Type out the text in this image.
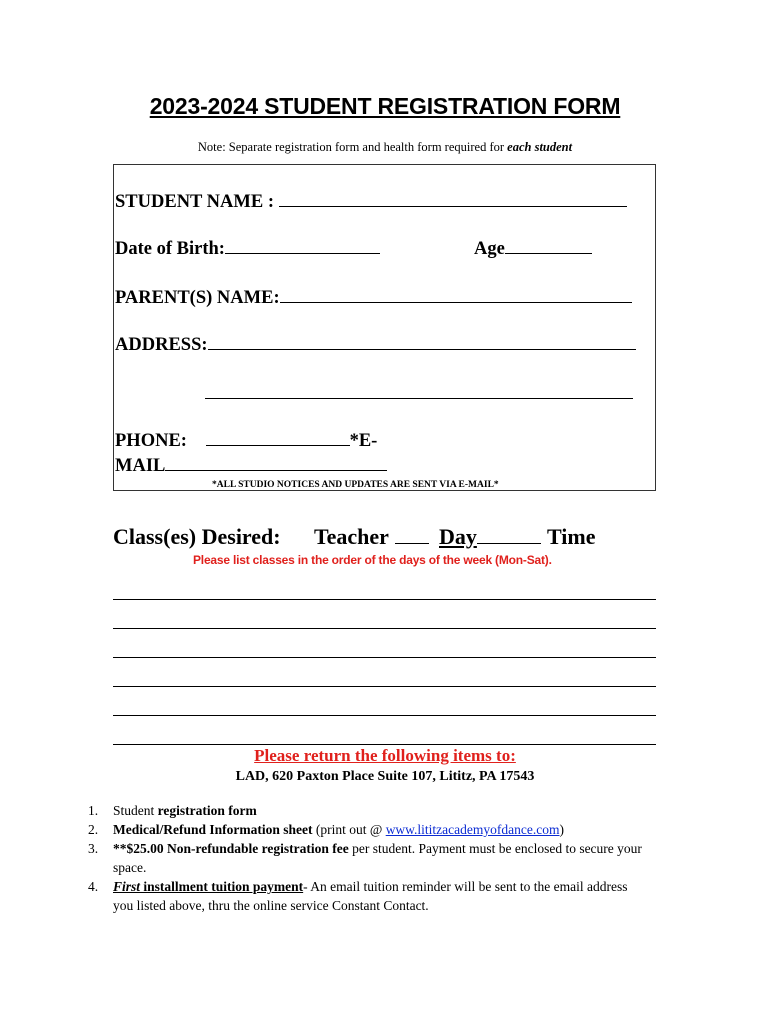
2023-2024 STUDENT REGISTRATION FORM
Note: Separate registration form and health form required for each student
STUDENT NAME :
Date of Birth:	Age
PARENT(S) NAME:
ADDRESS:
PHONE:	*E-
MAIL
*ALL STUDIO NOTICES AND UPDATES ARE SENT VIA E-MAIL*
Class(es) Desired: Teacher	Day	Time
Please list classes in the order of the days of the week (Mon-Sat).
Please return the following items to:
LAD, 620 Paxton Place Suite 107, Lititz, PA 17543
1.	Student registration form
2.	Medical/Refund Information sheet (print out @ www.lititzacademyofdance.com)
3.	**$25.00 Non-refundable registration fee per student. Payment must be enclosed to secure your space.
4.	First installment tuition payment- An email tuition reminder will be sent to the email address you listed above, thru the online service Constant Contact.
